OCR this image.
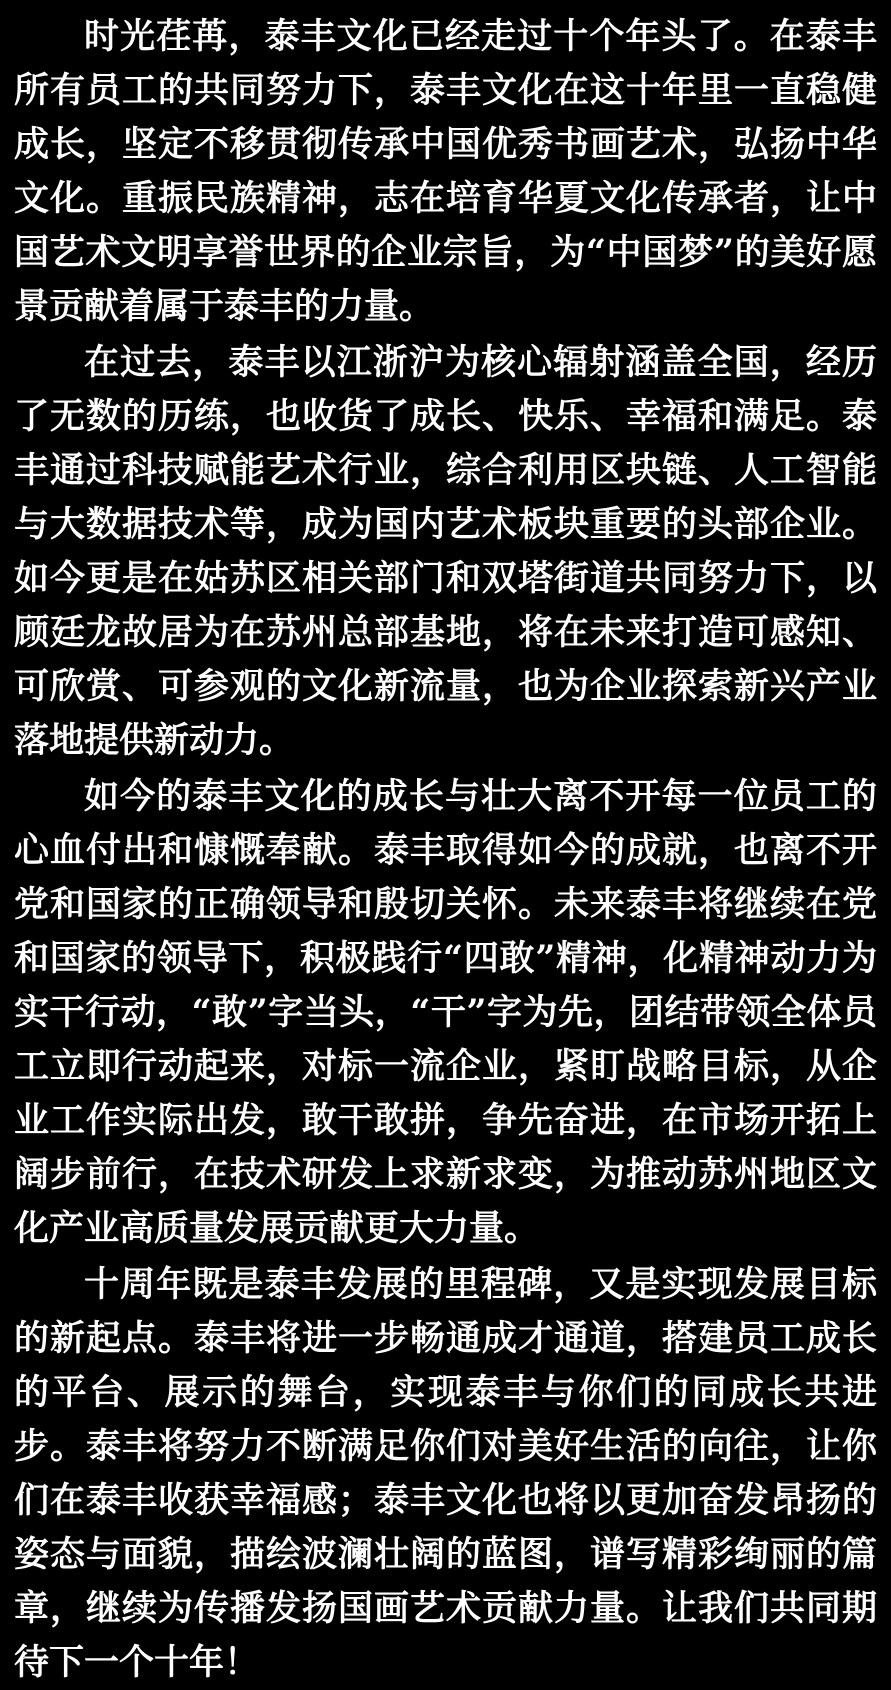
时光荏苒，泰丰文化已经走过十个年头了。在泰丰所有员工的共同努力下，泰丰文化在这十年里一直稳健成长，坚定不移贯彻传承中国优秀书画艺术，弘扬中华文化。重振民族精神，志在培育华夏文化传承者，让中国艺术文明享誉世界的企业宗旨，为“中国梦”的美好愿景贡献着属于泰丰的力量。

在过去，泰丰以江浙沪为核心辐射涵盖全国，经历了无数的历练，也收货了成长、快乐、幸福和满足。泰丰通过科技赋能艺术行业，综合利用区块链、人工智能与大数据技术等，成为国内艺术板块重要的头部企业。如今更是在姑苏区相关部门和双塔街道共同努力下，以顾廷龙故居为在苏州总部基地，将在未来打造可感知、可欣赏、可参观的文化新流量，也为企业探索新兴产业落地提供新动力。

如今的泰丰文化的成长与壮大离不开每一位员工的心血付出和慷慨奉献。泰丰取得如今的成就，也离不开党和国家的正确领导和殷切关怀。未来泰丰将继续在党和国家的领导下，积极践行“四敢”精神，化精神动力为实干行动，“敢”字当头，“干”字为先，团结带领全体员工立即行动起来，对标一流企业，紧盯战略目标，从企业工作实际出发，敢干敢拼，争先奋进，在市场开拓上阔步前行，在技术研发上求新求变，为推动苏州地区文化产业高质量发展贡献更大力量。

十周年既是泰丰发展的里程碑，又是实现发展目标的新起点。泰丰将进一步畅通成才通道，搭建员工成长的平台、展示的舞台，实现泰丰与你们的同成长共进步。泰丰将努力不断满足你们对美好生活的向往，让你们在泰丰收获幸福感；泰丰文化也将以更加奋发昂扬的姿态与面貌，描绘波澜壮阔的蓝图，谱写精彩绚丽的篇章，继续为传播发扬国画艺术贡献力量。让我们共同期待下一个十年！
